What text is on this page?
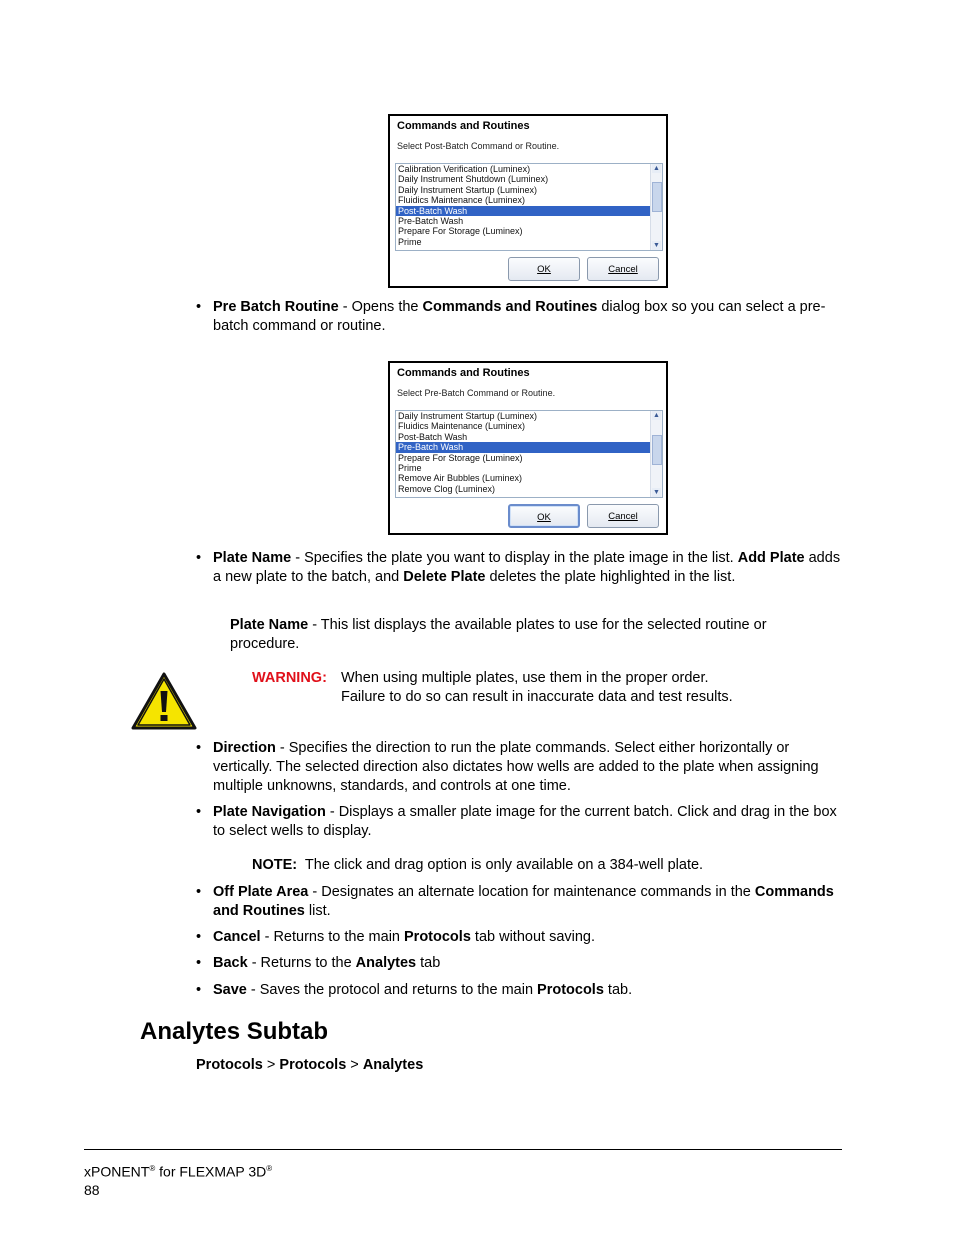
Commands and Routines
Select Post-Batch Command or Routine.
Calibration Verification (Luminex)
Daily Instrument Shutdown (Luminex)
Daily Instrument Startup (Luminex)
Fluidics Maintenance (Luminex)
Post-Batch Wash
Pre-Batch Wash
Prepare For Storage (Luminex)
Prime
▲
▼
OK	Cancel
• Pre Batch Routine - Opens the Commands and Routines dialog box so you can select a pre-batch command or routine.
Commands and Routines
Select Pre-Batch Command or Routine.
Daily Instrument Startup (Luminex)
Fluidics Maintenance (Luminex)
Post-Batch Wash
Pre-Batch Wash
Prepare For Storage (Luminex)
Prime
Remove Air Bubbles (Luminex)
Remove Clog (Luminex)
▲
▼
OK	Cancel
• Plate Name - Specifies the plate you want to display in the plate image in the list. Add Plate adds a new plate to the batch, and Delete Plate deletes the plate highlighted in the list.
Plate Name - This list displays the available plates to use for the selected routine or procedure.
WARNING: When using multiple plates, use them in the proper order.
Failure to do so can result in inaccurate data and test results.
• Direction - Specifies the direction to run the plate commands. Select either horizontally or vertically. The selected direction also dictates how wells are added to the plate when assigning multiple unknowns, standards, and controls at one time.
• Plate Navigation - Displays a smaller plate image for the current batch. Click and drag in the box to select wells to display.
NOTE: The click and drag option is only available on a 384-well plate.
• Off Plate Area - Designates an alternate location for maintenance commands in the Commands and Routines list.
• Cancel - Returns to the main Protocols tab without saving.
• Back - Returns to the Analytes tab
• Save - Saves the protocol and returns to the main Protocols tab.
Analytes Subtab
Protocols > Protocols > Analytes
xPONENT® for FLEXMAP 3D®
88
